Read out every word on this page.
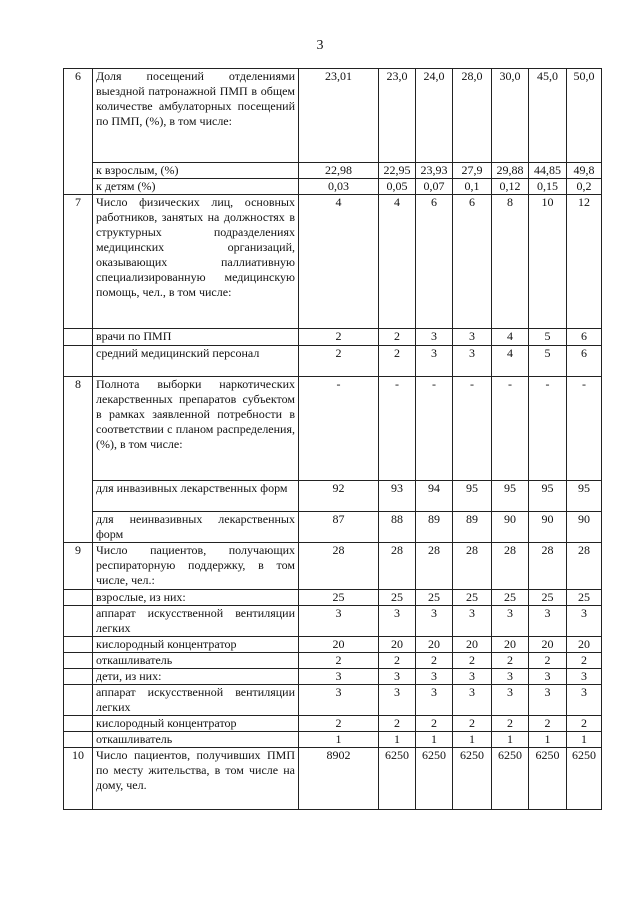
3
6	Доля посещений отделениями выездной патронажной ПМП в общем количестве амбулаторных посещений по ПМП, (%), в том числе:	23,01	23,0	24,0	28,0	30,0	45,0	50,0
	к взрослым, (%)	22,98	22,95	23,93	27,9	29,88	44,85	49,8
	к детям (%)	0,03	0,05	0,07	0,1	0,12	0,15	0,2
7	Число физических лиц, основных работников, занятых на должностях в структурных подразделениях медицинских организаций, оказывающих паллиативную специализированную медицинскую помощь, чел., в том числе:	4	4	6	6	8	10	12
	врачи по ПМП	2	2	3	3	4	5	6
	средний медицинский персонал	2	2	3	3	4	5	6
8	Полнота выборки наркотических лекарственных препаратов субъектом в рамках заявленной потребности в соответствии с планом распределения, (%), в том числе:	-	-	-	-	-	-	-
	для инвазивных лекарственных форм	92	93	94	95	95	95	95
	для неинвазивных лекарственных форм	87	88	89	89	90	90	90
9	Число пациентов, получающих респираторную поддержку, в том числе, чел.:	28	28	28	28	28	28	28
	взрослые, из них:	25	25	25	25	25	25	25
	аппарат искусственной вентиляции легких	3	3	3	3	3	3	3
	кислородный концентратор	20	20	20	20	20	20	20
	откашливатель	2	2	2	2	2	2	2
	дети, из них:	3	3	3	3	3	3	3
	аппарат искусственной вентиляции легких	3	3	3	3	3	3	3
	кислородный концентратор	2	2	2	2	2	2	2
	откашливатель	1	1	1	1	1	1	1
10	Число пациентов, получивших ПМП по месту жительства, в том числе на дому, чел.	8902	6250	6250	6250	6250	6250	6250
